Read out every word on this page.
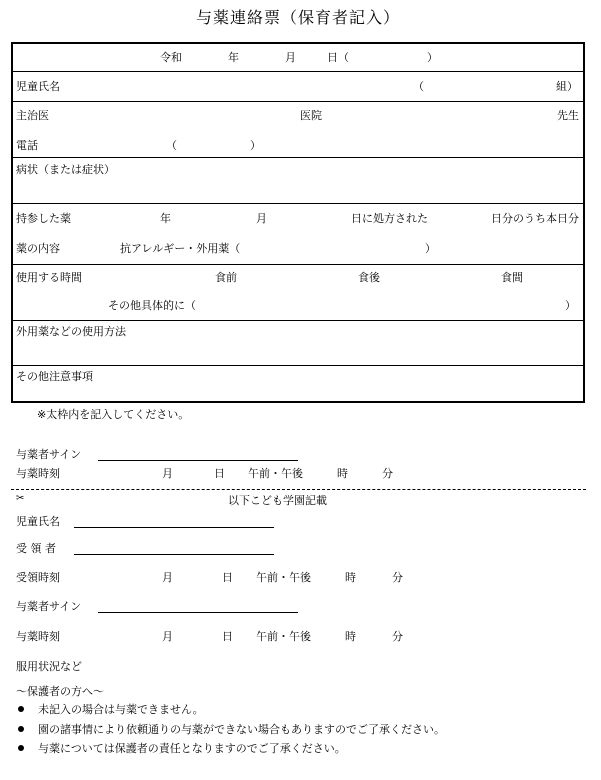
与薬連絡票（保育者記入）
令和	年	月	日（	）
児童氏名	（	組）
主治医	医院	先生
電話	（	）
病状（または症状）
持参した薬	年	月	日に処方された	日分のうち本日分
薬の内容	抗アレルギー・外用薬（	）
使用する時間	食前	食後	食間
その他具体的に（	）
外用薬などの使用方法
その他注意事項
※太枠内を記入してください。
与薬者サイン
与薬時刻	月	日 午前・午後	時	分
✂	以下こども学園記載
児童氏名
受 領 者
受領時刻	月	日 午前・午後	時	分
与薬者サイン
与薬時刻	月	日 午前・午後	時	分
服用状況など
～保護者の方へ～
未記入の場合は与薬できません。
園の諸事情により依頼通りの与薬ができない場合もありますのでご了承ください。
与薬については保護者の責任となりますのでご了承ください。
